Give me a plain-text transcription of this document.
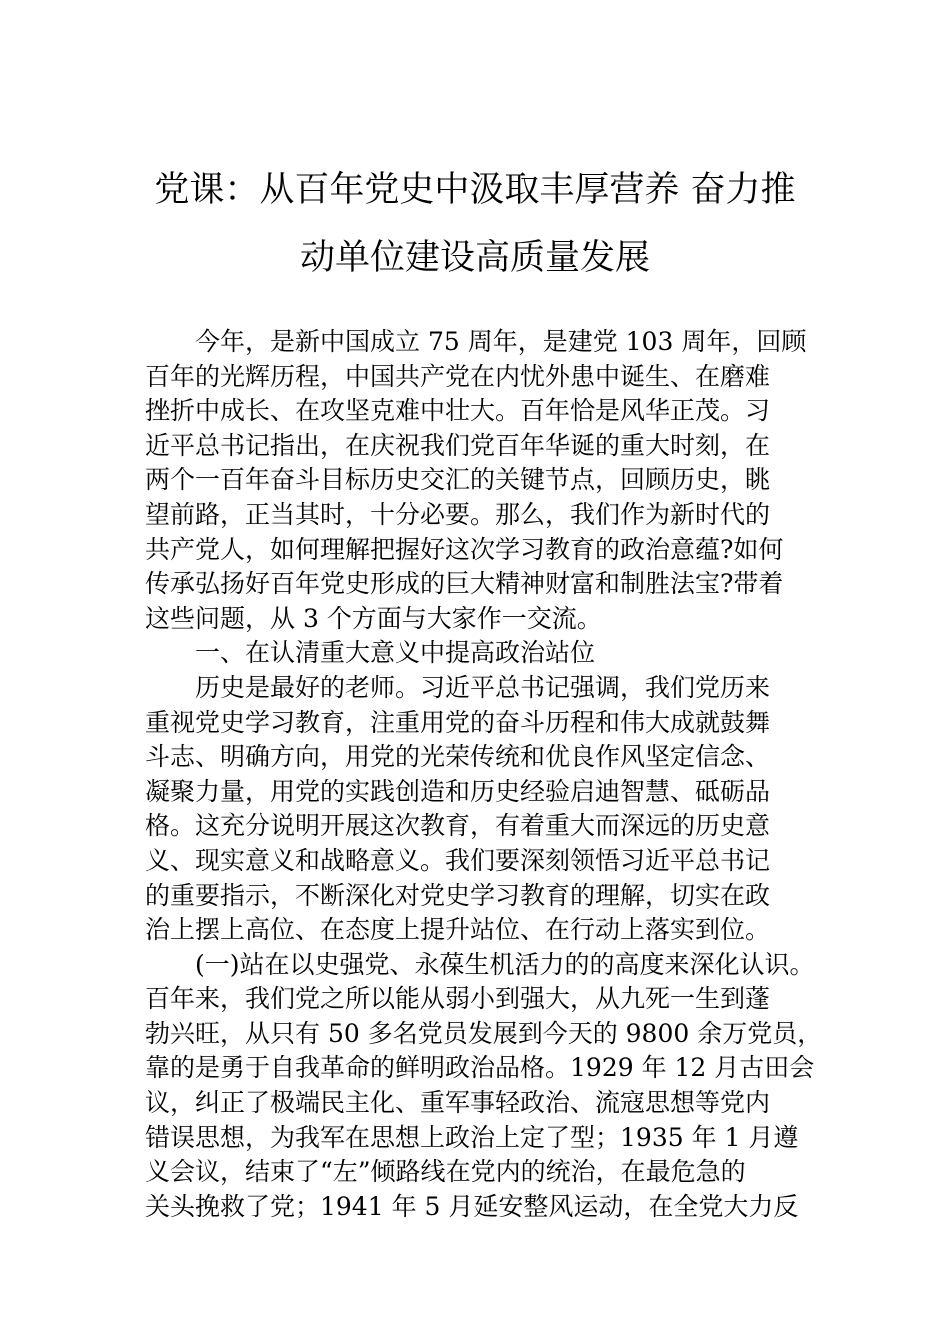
党课：从百年党史中汲取丰厚营养 奋力推
动单位建设高质量发展
今年，是新中国成立 75 周年，是建党 103 周年，回顾
百年的光辉历程，中国共产党在内忧外患中诞生、在磨难
挫折中成长、在攻坚克难中壮大。百年恰是风华正茂。习
近平总书记指出，在庆祝我们党百年华诞的重大时刻，在
两个一百年奋斗目标历史交汇的关键节点，回顾历史，眺
望前路，正当其时，十分必要。那么，我们作为新时代的
共产党人，如何理解把握好这次学习教育的政治意蕴?如何
传承弘扬好百年党史形成的巨大精神财富和制胜法宝?带着
这些问题，从 3 个方面与大家作一交流。
一、在认清重大意义中提高政治站位
历史是最好的老师。习近平总书记强调，我们党历来
重视党史学习教育，注重用党的奋斗历程和伟大成就鼓舞
斗志、明确方向，用党的光荣传统和优良作风坚定信念、
凝聚力量，用党的实践创造和历史经验启迪智慧、砥砺品
格。这充分说明开展这次教育，有着重大而深远的历史意
义、现实意义和战略意义。我们要深刻领悟习近平总书记
的重要指示，不断深化对党史学习教育的理解，切实在政
治上摆上高位、在态度上提升站位、在行动上落实到位。
(一)站在以史强党、永葆生机活力的的高度来深化认识。
百年来，我们党之所以能从弱小到强大，从九死一生到蓬
勃兴旺，从只有 50 多名党员发展到今天的 9800 余万党员，
靠的是勇于自我革命的鲜明政治品格。1929 年 12 月古田会
议，纠正了极端民主化、重军事轻政治、流寇思想等党内
错误思想，为我军在思想上政治上定了型；1935 年 1 月遵
义会议，结束了“左”倾路线在党内的统治，在最危急的
关头挽救了党；1941 年 5 月延安整风运动，在全党大力反
